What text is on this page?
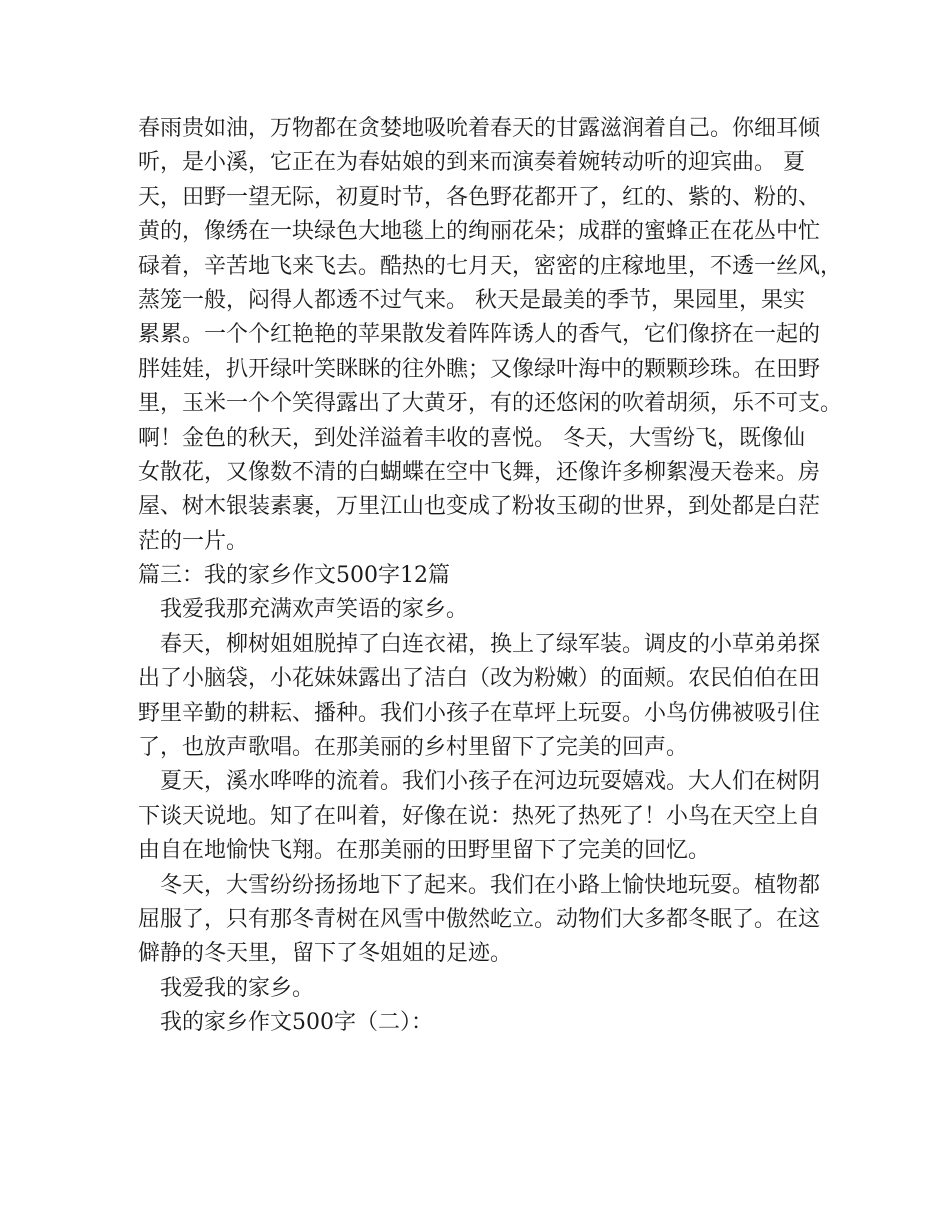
春雨贵如油，万物都在贪婪地吸吮着春天的甘露滋润着自己。你细耳倾
听，是小溪，它正在为春姑娘的到来而演奏着婉转动听的迎宾曲。 夏
天，田野一望无际，初夏时节，各色野花都开了，红的、紫的、粉的、
黄的，像绣在一块绿色大地毯上的绚丽花朵；成群的蜜蜂正在花丛中忙
碌着，辛苦地飞来飞去。酷热的七月天，密密的庄稼地里，不透一丝风，
蒸笼一般，闷得人都透不过气来。 秋天是最美的季节，果园里，果实
累累。一个个红艳艳的苹果散发着阵阵诱人的香气，它们像挤在一起的
胖娃娃，扒开绿叶笑眯眯的往外瞧；又像绿叶海中的颗颗珍珠。在田野
里，玉米一个个笑得露出了大黄牙，有的还悠闲的吹着胡须，乐不可支。
啊！金色的秋天，到处洋溢着丰收的喜悦。 冬天，大雪纷飞，既像仙
女散花，又像数不清的白蝴蝶在空中飞舞，还像许多柳絮漫天卷来。房
屋、树木银装素裹，万里江山也变成了粉妆玉砌的世界，到处都是白茫
茫的一片。
篇三：我的家乡作文500字12篇
我爱我那充满欢声笑语的家乡。
春天，柳树姐姐脱掉了白连衣裙，换上了绿军装。调皮的小草弟弟探
出了小脑袋，小花妹妹露出了洁白（改为粉嫩）的面颊。农民伯伯在田
野里辛勤的耕耘、播种。我们小孩子在草坪上玩耍。小鸟仿佛被吸引住
了，也放声歌唱。在那美丽的乡村里留下了完美的回声。
夏天，溪水哗哗的流着。我们小孩子在河边玩耍嬉戏。大人们在树阴
下谈天说地。知了在叫着，好像在说：热死了热死了！小鸟在天空上自
由自在地愉快飞翔。在那美丽的田野里留下了完美的回忆。
冬天，大雪纷纷扬扬地下了起来。我们在小路上愉快地玩耍。植物都
屈服了，只有那冬青树在风雪中傲然屹立。动物们大多都冬眠了。在这
僻静的冬天里，留下了冬姐姐的足迹。
我爱我的家乡。
我的家乡作文500字（二）：
